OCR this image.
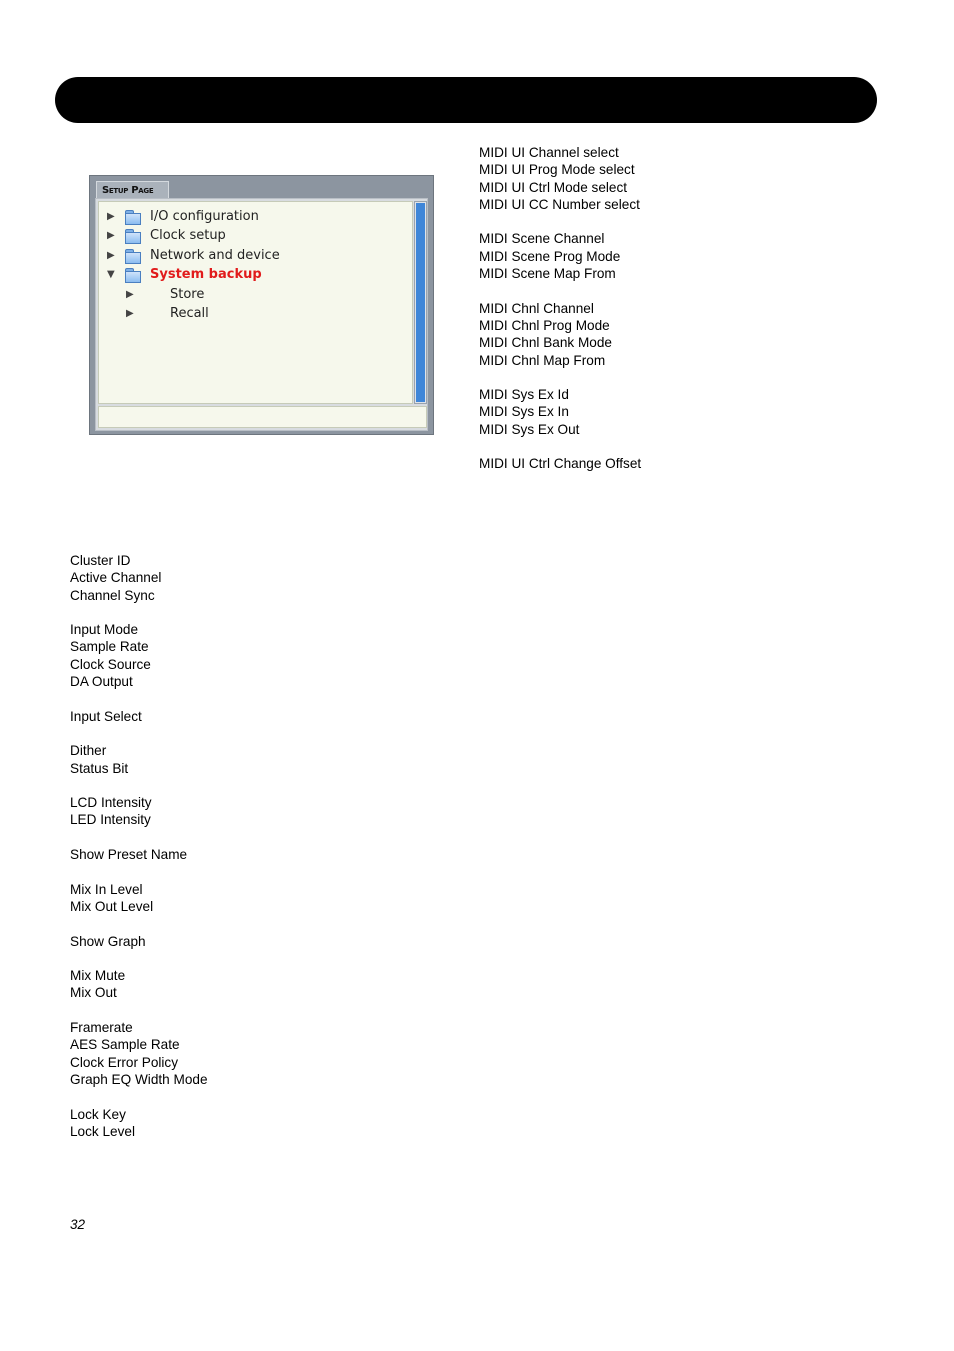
Setup Page
▶	I/O configuration
▶	Clock setup
▶	Network and device
▼	System backup
▶	Store
▶	Recall
MIDI UI Channel select
MIDI UI Prog Mode select
MIDI UI Ctrl Mode select
MIDI UI CC Number select
MIDI Scene Channel
MIDI Scene Prog Mode
MIDI Scene Map From
MIDI Chnl Channel
MIDI Chnl Prog Mode
MIDI Chnl Bank Mode
MIDI Chnl Map From
MIDI Sys Ex Id
MIDI Sys Ex In
MIDI Sys Ex Out
MIDI UI Ctrl Change Offset
Cluster ID
Active Channel
Channel Sync
Input Mode
Sample Rate
Clock Source
DA Output
Input Select
Dither
Status Bit
LCD Intensity
LED Intensity
Show Preset Name
Mix In Level
Mix Out Level
Show Graph
Mix Mute
Mix Out
Framerate
AES Sample Rate
Clock Error Policy
Graph EQ Width Mode
Lock Key
Lock Level
32
